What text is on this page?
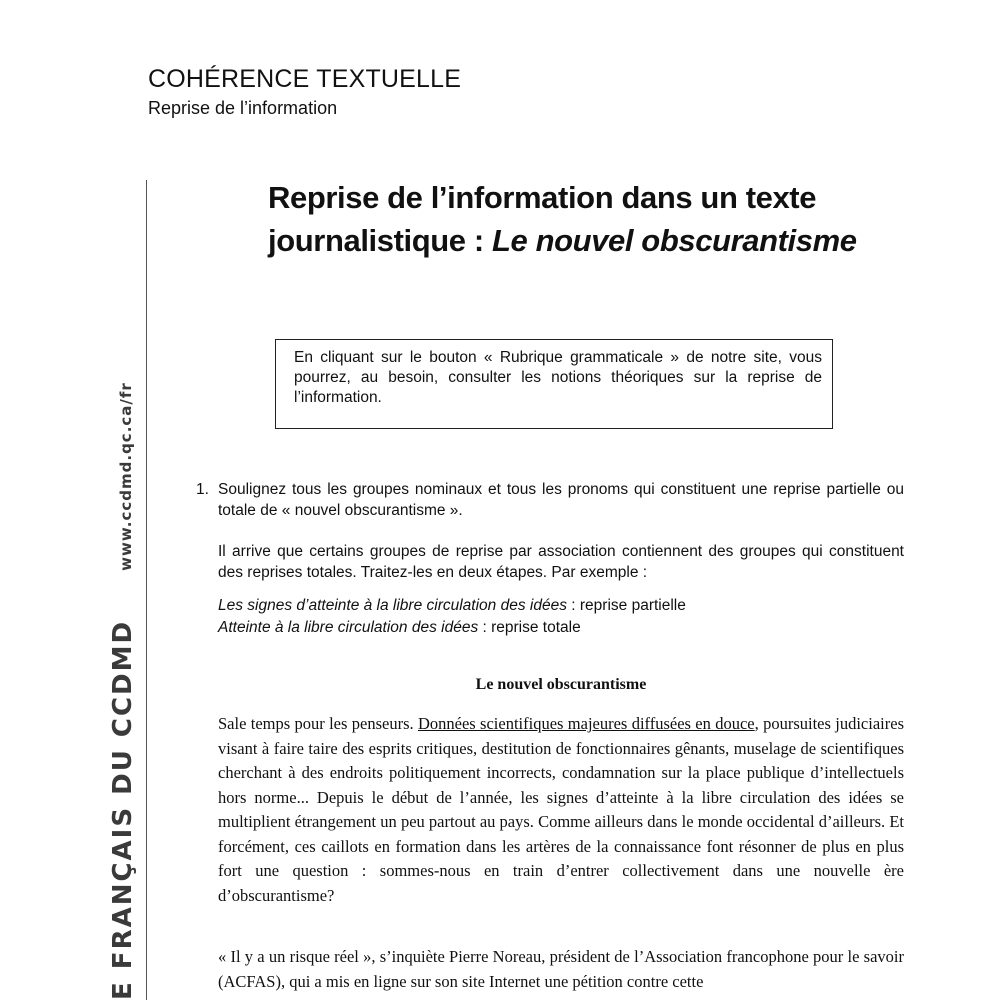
COHÉRENCE TEXTUELLE
Reprise de l’information
E FRANÇAIS DU CCDMD www.ccdmd.qc.ca/fr
Reprise de l’information dans un texte
journalistique : Le nouvel obscurantisme
En cliquant sur le bouton « Rubrique grammaticale » de notre site, vous pourrez, au besoin, consulter les notions théoriques sur la reprise de l’information.
1. Soulignez tous les groupes nominaux et tous les pronoms qui constituent une reprise partielle ou totale de « nouvel obscurantisme ».
Il arrive que certains groupes de reprise par association contiennent des groupes qui constituent des reprises totales. Traitez-les en deux étapes. Par exemple :
Les signes d’atteinte à la libre circulation des idées : reprise partielle
Atteinte à la libre circulation des idées : reprise totale
Le nouvel obscurantisme
Sale temps pour les penseurs. Données scientifiques majeures diffusées en douce, poursuites judiciaires visant à faire taire des esprits critiques, destitution de fonctionnaires gênants, muselage de scientifiques cherchant à des endroits politiquement incorrects, condamnation sur la place publique d’intellectuels hors norme... Depuis le début de l’année, les signes d’atteinte à la libre circulation des idées se multiplient étrangement un peu partout au pays. Comme ailleurs dans le monde occidental d’ailleurs. Et forcément, ces caillots en formation dans les artères de la connaissance font résonner de plus en plus fort une question : sommes-nous en train d’entrer collectivement dans une nouvelle ère d’obscurantisme?
« Il y a un risque réel », s’inquiète Pierre Noreau, président de l’Association francophone pour le savoir (ACFAS), qui a mis en ligne sur son site Internet une pétition contre cette
